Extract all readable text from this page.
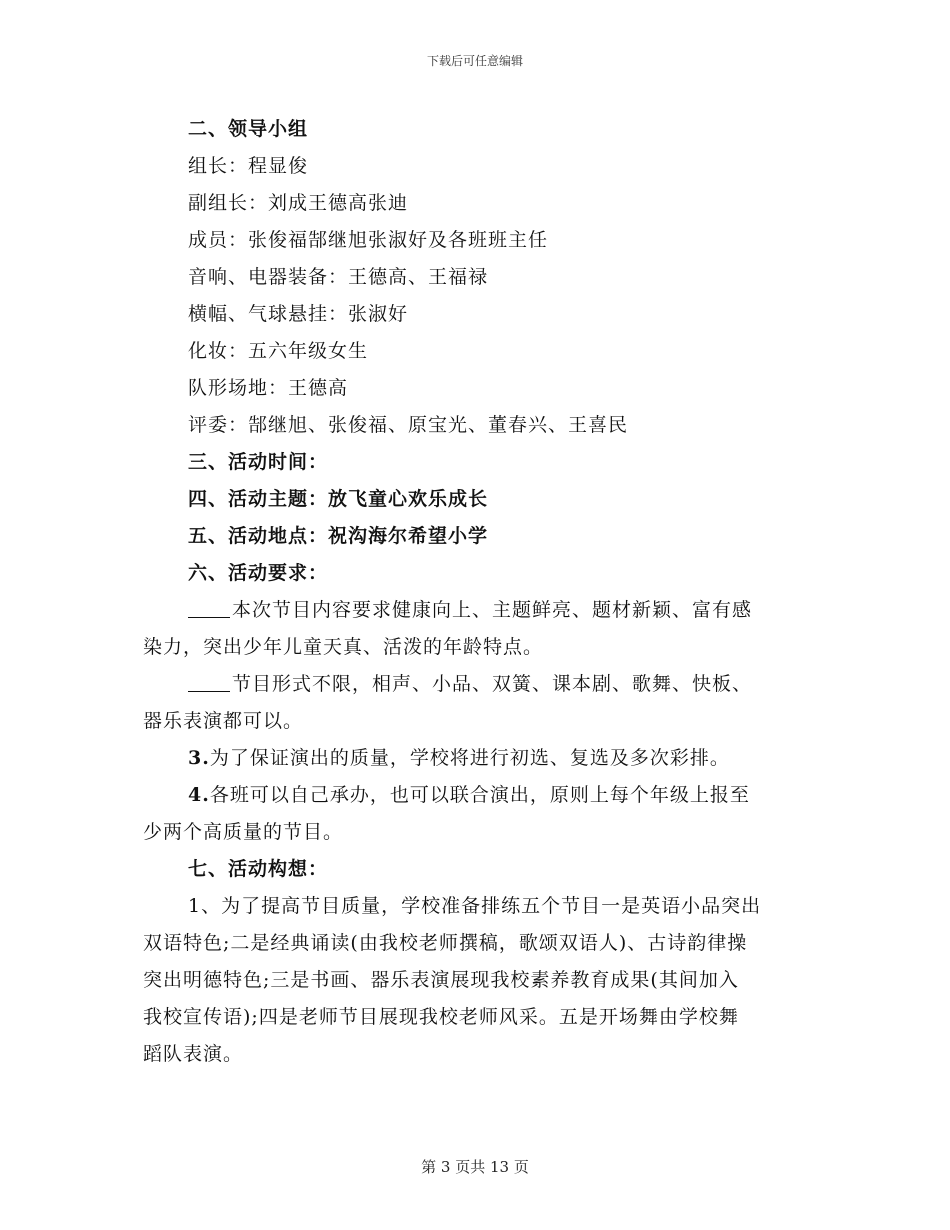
下载后可任意编辑
二、领导小组
组长：程显俊
副组长：刘成王德高张迪
成员：张俊福郜继旭张淑好及各班班主任
音响、电器装备：王德高、王福禄
横幅、气球悬挂：张淑好
化妆：五六年级女生
队形场地：王德高
评委：郜继旭、张俊福、原宝光、董春兴、王喜民
三、活动时间：
四、活动主题：放飞童心欢乐成长
五、活动地点：祝沟海尔希望小学
六、活动要求：
本次节目内容要求健康向上、主题鲜亮、题材新颖、富有感
染力，突出少年儿童天真、活泼的年龄特点。
节目形式不限，相声、小品、双簧、课本剧、歌舞、快板、
器乐表演都可以。
3.为了保证演出的质量，学校将进行初选、复选及多次彩排。
4.各班可以自己承办，也可以联合演出，原则上每个年级上报至
少两个高质量的节目。
七、活动构想：
1、为了提高节目质量，学校准备排练五个节目一是英语小品突出
双语特色;二是经典诵读(由我校老师撰稿，歌颂双语人)、古诗韵律操
突出明德特色;三是书画、器乐表演展现我校素养教育成果(其间加入
我校宣传语);四是老师节目展现我校老师风采。五是开场舞由学校舞
蹈队表演。
第 3 页共 13 页
